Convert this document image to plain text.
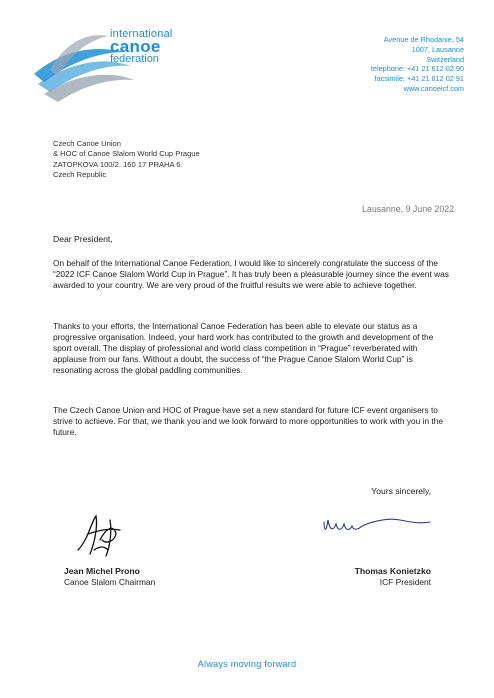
international
canoe
federation
Avenue de Rhodanie, 54
1007, Lausanne
Switzerland
telephone: +41 21 612 02 90
facsimile: +41 21 612 02 91
www.canoeicf.com
Czech Canoe Union
& HOC of Canoe Slalom World Cup Prague
ZATOPKOVA 100/2. 160 17 PRAHA 6.
Czech Republic
Lausanne, 9 June 2022
Dear President,
On behalf of the International Canoe Federation, I would like to sincerely congratulate the success of the “2022 ICF Canoe Slalom World Cup in Prague”. It has truly been a pleasurable journey since the event was awarded to your country. We are very proud of the fruitful results we were able to achieve together.
Thanks to your efforts, the International Canoe Federation has been able to elevate our status as a progressive organisation. Indeed, your hard work has contributed to the growth and development of the sport overall. The display of professional and world class competition in “Prague” reverberated with applause from our fans. Without a doubt, the success of “the Prague Canoe Slalom World Cup” is resonating across the global paddling communities.
The Czech Canoe Union and HOC of Prague have set a new standard for future ICF event organisers to strive to achieve. For that, we thank you and we look forward to more opportunities to work with you in the future.
Yours sincerely,
Jean Michel Prono
Canoe Slalom Chairman
Thomas Konietzko
ICF President
Always moving forward
